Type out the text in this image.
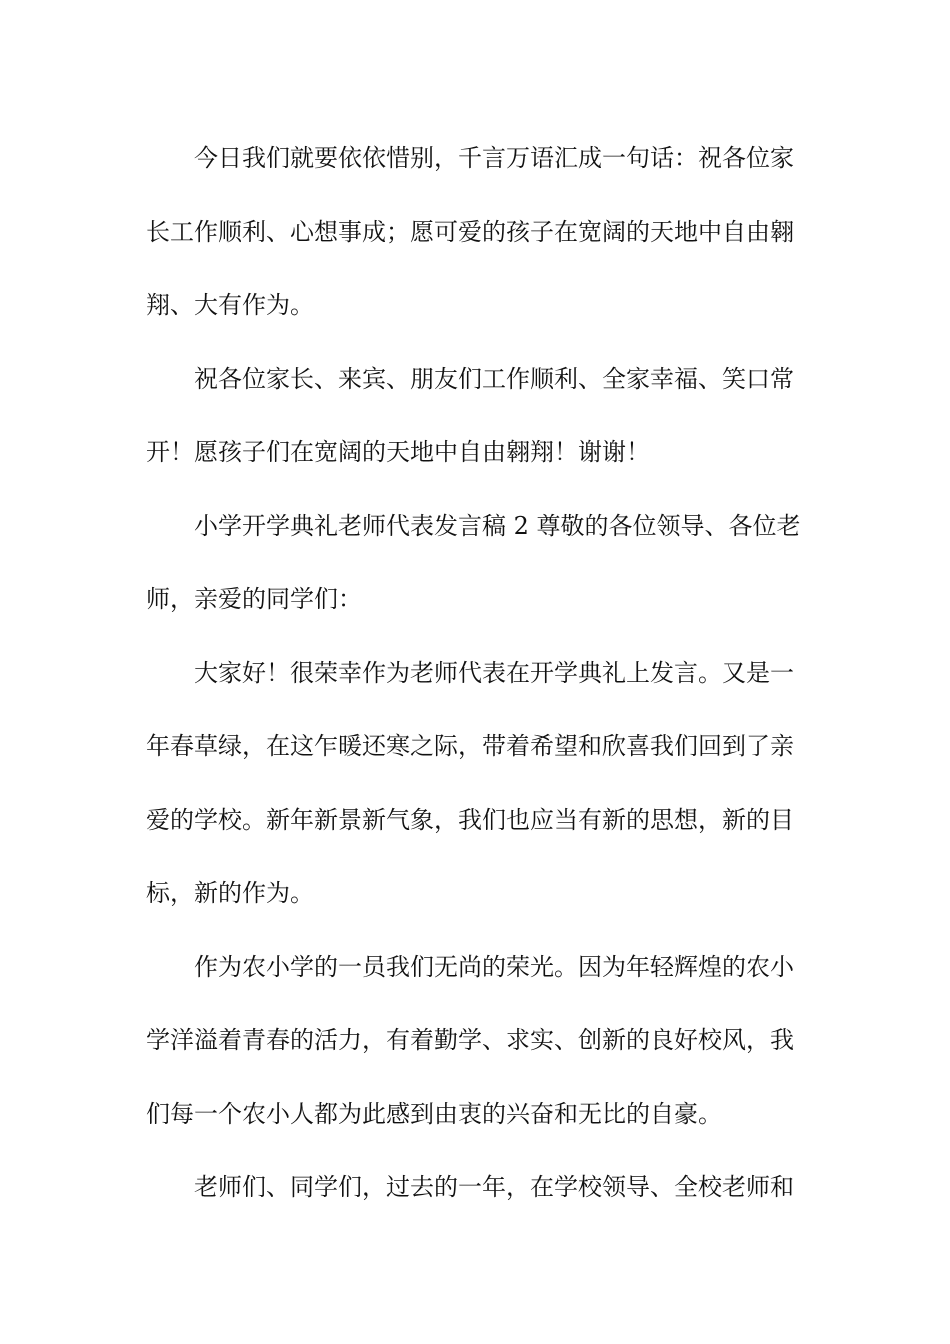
今日我们就要依依惜别，千言万语汇成一句话：祝各位家
长工作顺利、心想事成；愿可爱的孩子在宽阔的天地中自由翱
翔、大有作为。
祝各位家长、来宾、朋友们工作顺利、全家幸福、笑口常
开！愿孩子们在宽阔的天地中自由翱翔！谢谢！
小学开学典礼老师代表发言稿 2 尊敬的各位领导、各位老
师，亲爱的同学们：
大家好！很荣幸作为老师代表在开学典礼上发言。又是一
年春草绿，在这乍暖还寒之际，带着希望和欣喜我们回到了亲
爱的学校。新年新景新气象，我们也应当有新的思想，新的目
标，新的作为。
作为农小学的一员我们无尚的荣光。因为年轻辉煌的农小
学洋溢着青春的活力，有着勤学、求实、创新的良好校风，我
们每一个农小人都为此感到由衷的兴奋和无比的自豪。
老师们、同学们，过去的一年，在学校领导、全校老师和
